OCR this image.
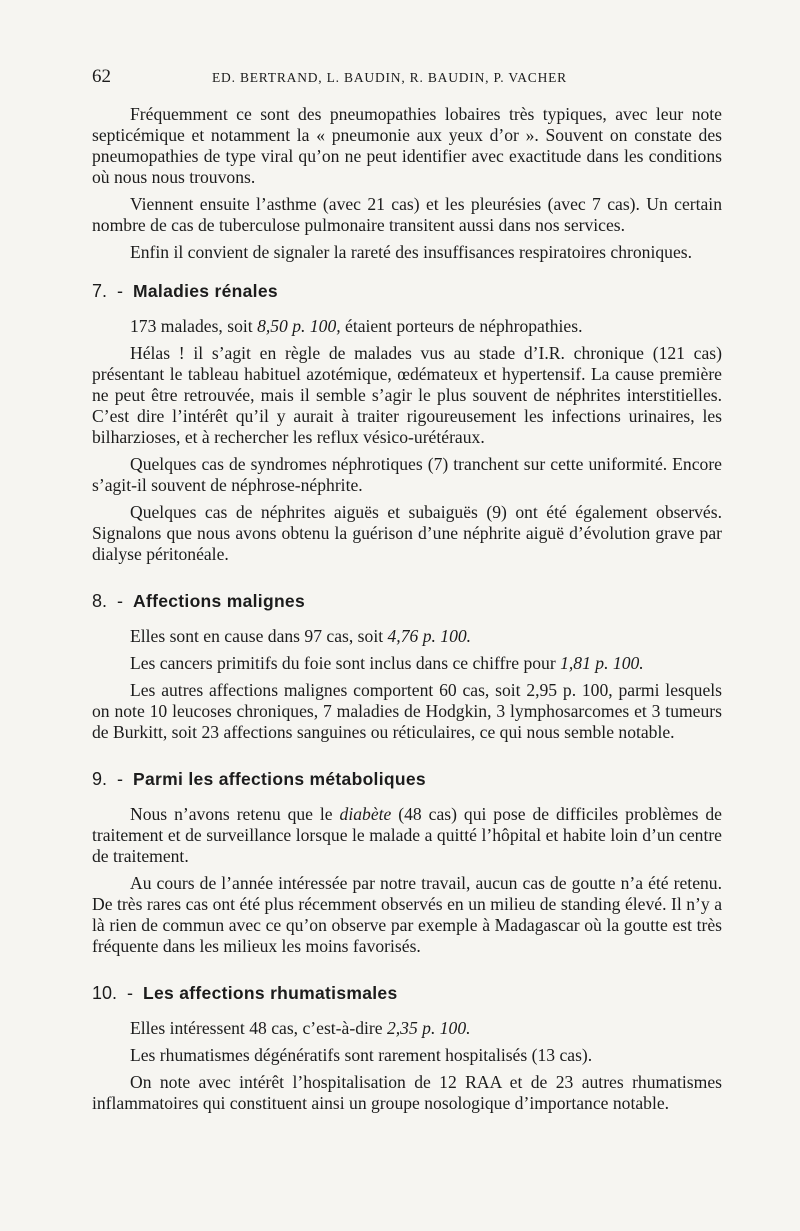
62	ED. BERTRAND, L. BAUDIN, R. BAUDIN, P. VACHER

Fréquemment ce sont des pneumopathies lobaires très typiques, avec leur note septicémique et notamment la « pneumonie aux yeux d’or ». Souvent on constate des pneumopathies de type viral qu’on ne peut identifier avec exactitude dans les conditions où nous nous trouvons.

Viennent ensuite l’asthme (avec 21 cas) et les pleurésies (avec 7 cas). Un certain nombre de cas de tuberculose pulmonaire transitent aussi dans nos services.

Enfin il convient de signaler la rareté des insuffisances respiratoires chroniques.

7. - Maladies rénales

173 malades, soit 8,50 p. 100, étaient porteurs de néphropathies.

Hélas ! il s’agit en règle de malades vus au stade d’I.R. chronique (121 cas) présentant le tableau habituel azotémique, œdémateux et hypertensif. La cause première ne peut être retrouvée, mais il semble s’agir le plus souvent de néphrites interstitielles. C’est dire l’intérêt qu’il y aurait à traiter rigoureusement les infections urinaires, les bilharzioses, et à rechercher les reflux vésico-urétéraux.

Quelques cas de syndromes néphrotiques (7) tranchent sur cette uniformité. Encore s’agit-il souvent de néphrose-néphrite.

Quelques cas de néphrites aiguës et subaiguës (9) ont été également observés. Signalons que nous avons obtenu la guérison d’une néphrite aiguë d’évolution grave par dialyse péritonéale.

8. - Affections malignes

Elles sont en cause dans 97 cas, soit 4,76 p. 100.

Les cancers primitifs du foie sont inclus dans ce chiffre pour 1,81 p. 100.

Les autres affections malignes comportent 60 cas, soit 2,95 p. 100, parmi lesquels on note 10 leucoses chroniques, 7 maladies de Hodgkin, 3 lymphosarcomes et 3 tumeurs de Burkitt, soit 23 affections sanguines ou réticulaires, ce qui nous semble notable.

9. - Parmi les affections métaboliques

Nous n’avons retenu que le diabète (48 cas) qui pose de difficiles problèmes de traitement et de surveillance lorsque le malade a quitté l’hôpital et habite loin d’un centre de traitement.

Au cours de l’année intéressée par notre travail, aucun cas de goutte n’a été retenu. De très rares cas ont été plus récemment observés en un milieu de standing élevé. Il n’y a là rien de commun avec ce qu’on observe par exemple à Madagascar où la goutte est très fréquente dans les milieux les moins favorisés.

10. - Les affections rhumatismales

Elles intéressent 48 cas, c’est-à-dire 2,35 p. 100.

Les rhumatismes dégénératifs sont rarement hospitalisés (13 cas).

On note avec intérêt l’hospitalisation de 12 RAA et de 23 autres rhumatismes inflammatoires qui constituent ainsi un groupe nosologique d’importance notable.
